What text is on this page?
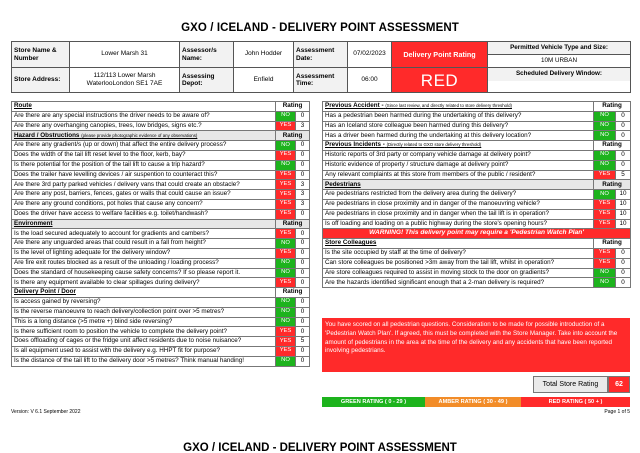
GXO / ICELAND - DELIVERY POINT ASSESSMENT
Store Name & Number	Lower Marsh 31	Assessor/s Name:	John Hodder	Assessment Date:	07/02/2023	Delivery Point Rating	Permitted Vehicle Type and Size:
10M URBAN

Store Address:	112/113 Lower Marsh WaterlooLondon SE1 7AE	Assessing Depot:	Enfield	Assessment Time:	06:00	RED	Scheduled Delivery Window:
Route	Rating	
Are there are any special instructions the driver needs to be aware of?	NO	0
Are there any overhanging canopies, trees, low bridges, signs etc.?	YES	3
Hazard / Obstructions (please provide photographic evidence of any observations)	Rating	
Are there any gradient/s (up or down) that affect the entire delivery process?	NO	0
Does the width of the tail lift reset level to the floor, kerb, bay?	YES	0
Is there potential for the position of the tail lift to cause a trip hazard?	NO	0
Does the trailer have levelling devices / air suspention to counteract this?	YES	0
Are there 3rd party parked vehicles / delivery vans that could create an obstacle?	YES	3
Are there any post, barriers, fences, gates or walls that could cause an issue?	YES	3
Are there any ground conditions, pot holes that cause any concern?	YES	3
Does the driver have access to welfare facilities e.g. toilet/handwash?	YES	0
Environment	Rating	
Is the load secured adequately to account for gradients and cambers?	YES	0
Are there any unguarded areas that could result in a fall from height?	NO	0
Is the level of lighting adequate for the delivery window?	YES	0
Are fire exit routes blocked as a result of the unloading / loading process?	NO	0
Does the standard of housekeeping cause safety concerns? If so please report it.	NO	0
Is there any equipment available to clear spillages during delivery?	YES	0
Delivery Point / Door	Rating	
Is access gained by reversing?	NO	0
Is the reverse manoeuvre to reach delivery/collection point over >5 metres?	NO	0
This is a long distance (>5 metre +) blind side reversing?	NO	0
Is there sufficient room to position the vehicle to complete the delivery point?	YES	0
Does offloading of cages or the fridge unit affect residents due to noise nuisance?	YES	5
Is all equipment used to assist with the delivery e.g. HHPT fit for purpose?	YES	0
Is the distance of the tail lift to the delivery door >5 metres? Think manual handing!	NO	0
Previous Accident - (Since last review, and directly related to store delivery threshold)	Rating	
Has a pedestrian been harmed during the undertaking of this delivery?	NO	0
Has an Iceland store colleague been harmed during this delivery?	NO	0
Has a driver been harmed during the undertaking at this delivery location?	NO	0
Previous Incidents - (Directly related to GXO store delivery threshold)	Rating	
Historic reports of 3rd party or company vehicle damage at delivery point?	NO	0
Historic evidence of property / structure damage at delivery point?	NO	0
Any relevant complaints at this store from members of the public / resident?	YES	5
Pedestrians	Rating	
Are pedestrians restricted from the delivery area during the delivery?	NO	10
Are pedestrians in close proximity and in danger of the manoeuvring vehicle?	YES	10
Are pedestrians in close proximity and in danger when the tail lift is in operation?	YES	10
Is off loading and loading on a public highway during the store's opening hours?	YES	10
WARNING! This delivery point may require a 'Pedestrian Watch Plan'		
Store Colleagues	Rating	
Is the site occupied by staff at the time of delivery?	YES	0
Can store colleagues be positioned >3m away from the tail lift, whilst in operation?	YES	0
Are store colleagues required to assist in moving stock to the door on gradients?	NO	0
Are the hazards identified significant enough that a 2-man delivery is required?	NO	0
You have scored on all pedestrian questions. Consideration to be made for possible introduction of a 'Pedestrian Watch Plan'. If agreed, this must be completed with the Store Manager. Take into account the amount of pedestrians in the area at the time of the delivery and any accidents that have been reported involving pedestrians.
Total Store Rating	62
GREEN RATING ( 0 - 29 )	AMBER RATING ( 30 - 49 )	RED RATING ( 50 + )
Version: V 6.1 September 2022	Page 1 of 5
GXO / ICELAND - DELIVERY POINT ASSESSMENT
